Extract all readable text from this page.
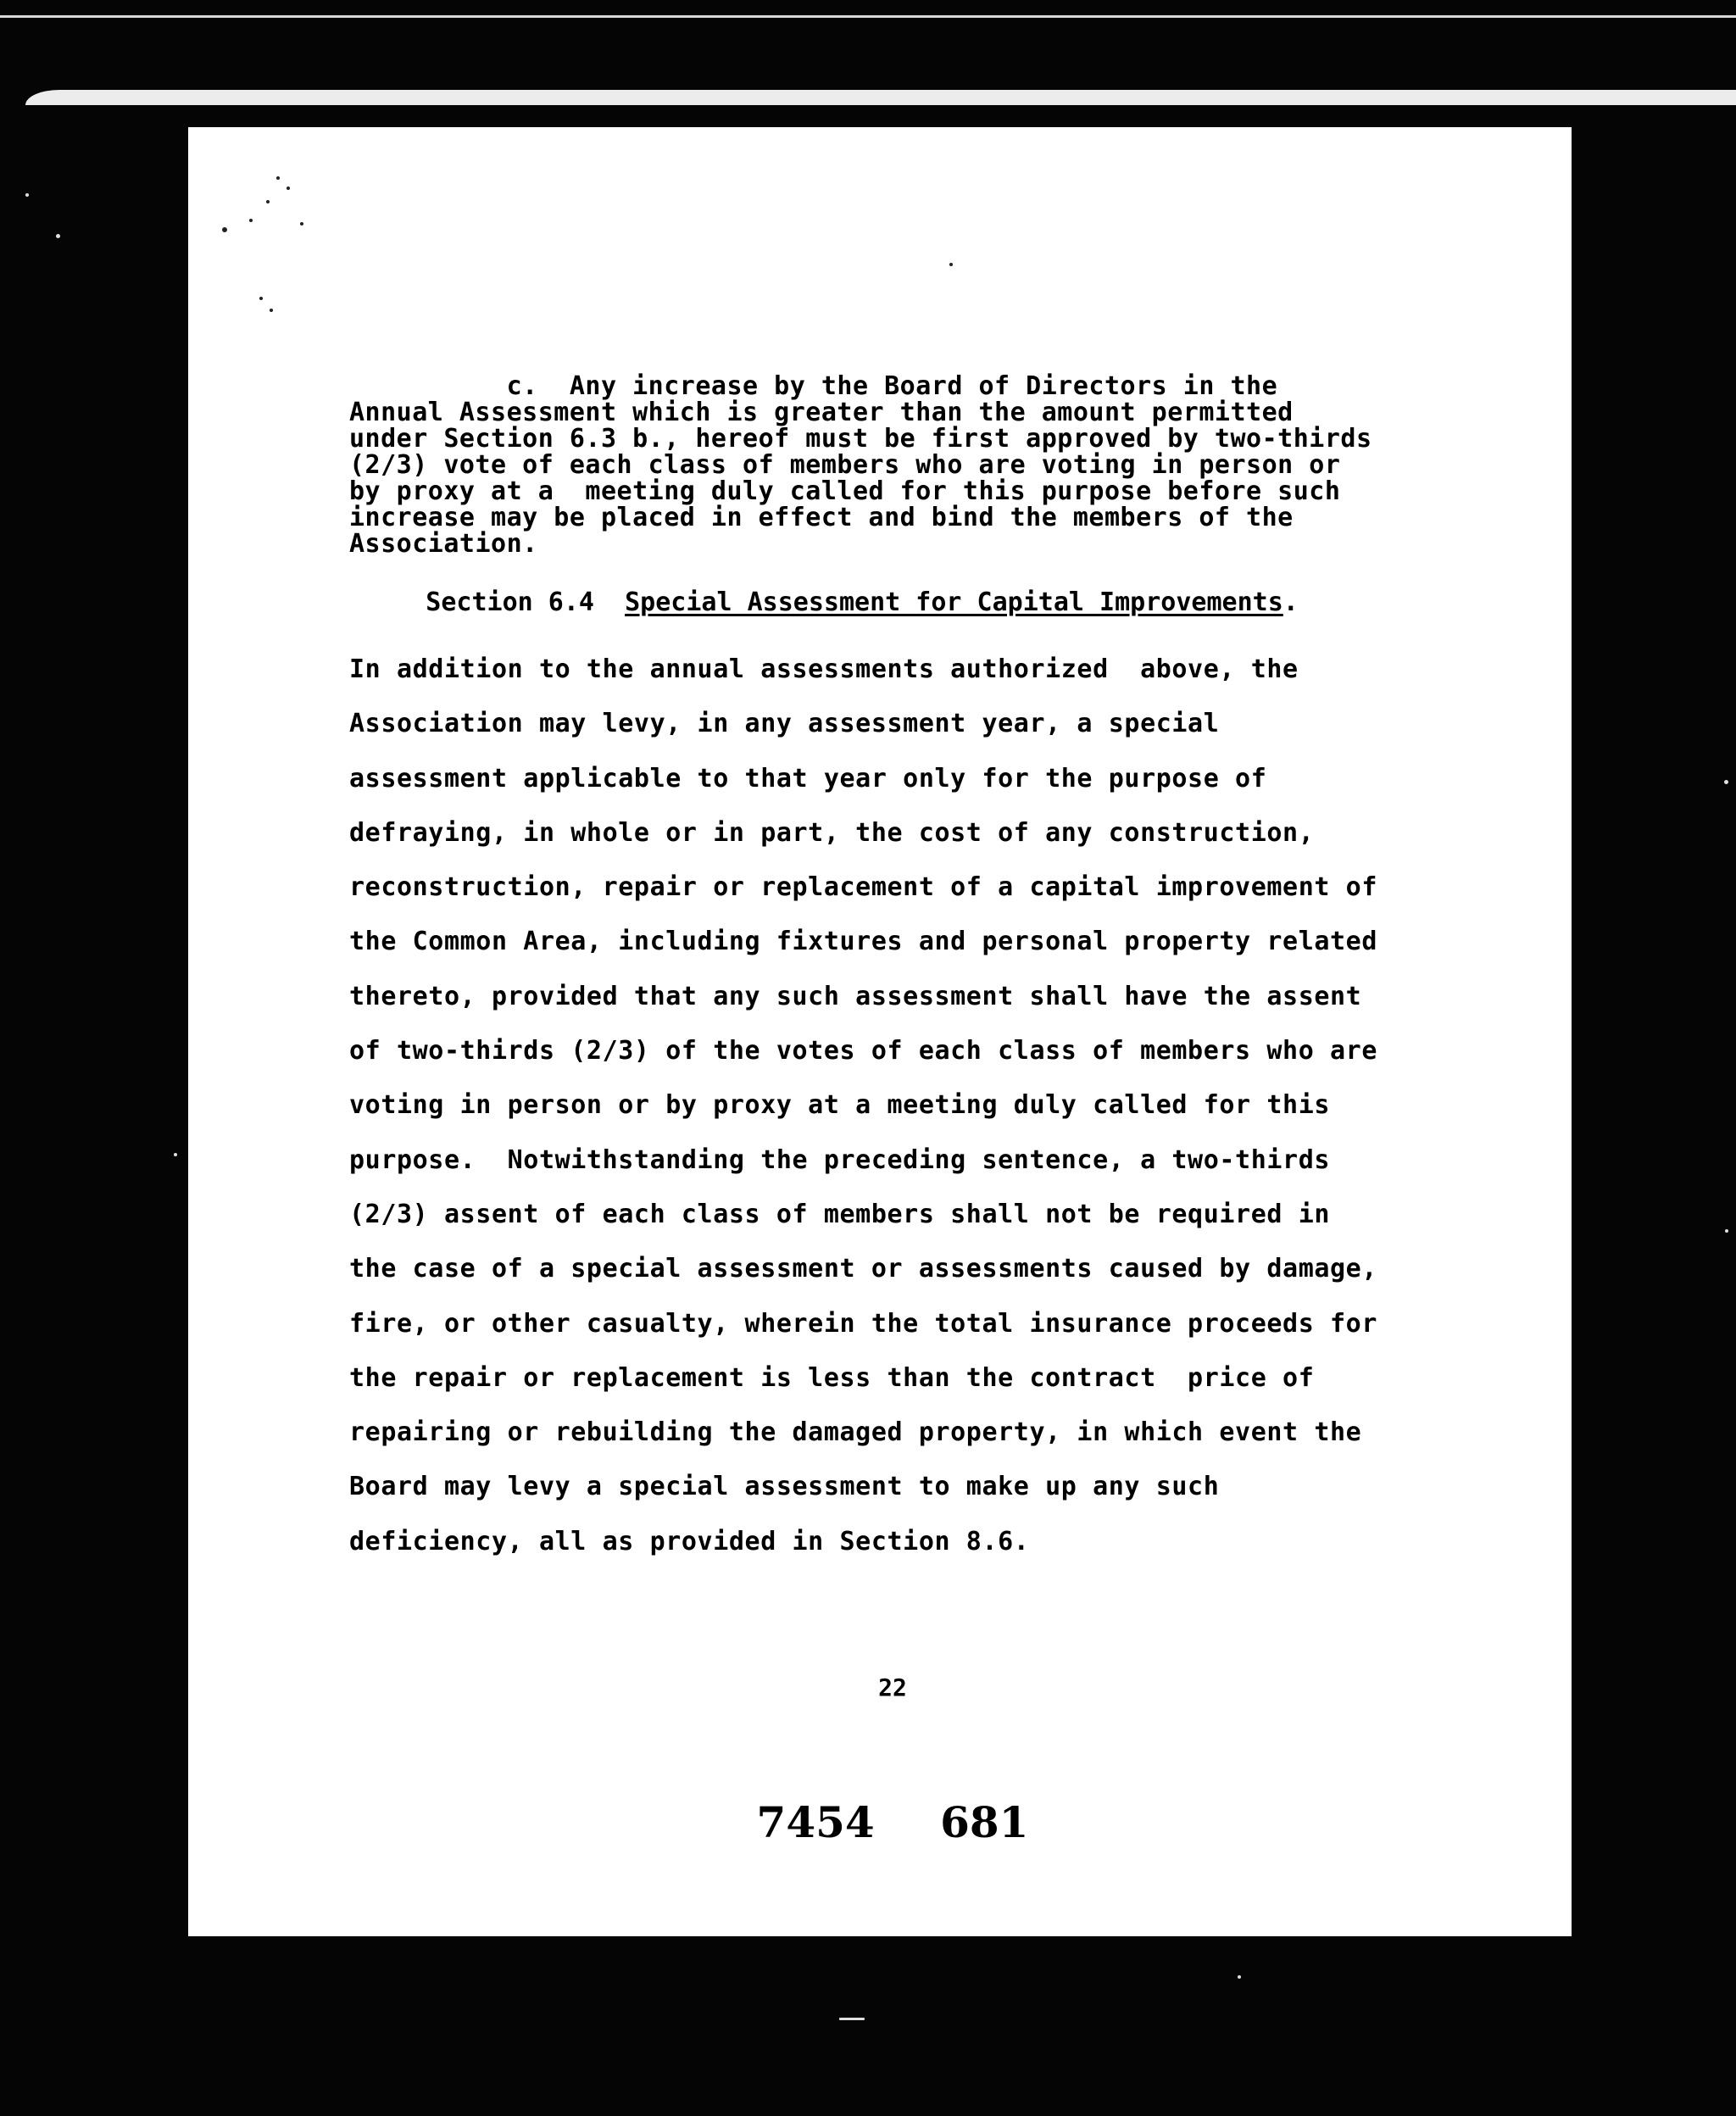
c.  Any increase by the Board of Directors in the
Annual Assessment which is greater than the amount permitted
under Section 6.3 b., hereof must be first approved by two-thirds
(2/3) vote of each class of members who are voting in person or
by proxy at a  meeting duly called for this purpose before such
increase may be placed in effect and bind the members of the
Association.
Section 6.4  Special Assessment for Capital Improvements.
In addition to the annual assessments authorized  above, the
Association may levy, in any assessment year, a special
assessment applicable to that year only for the purpose of
defraying, in whole or in part, the cost of any construction,
reconstruction, repair or replacement of a capital improvement of
the Common Area, including fixtures and personal property related
thereto, provided that any such assessment shall have the assent
of two-thirds (2/3) of the votes of each class of members who are
voting in person or by proxy at a meeting duly called for this
purpose.  Notwithstanding the preceding sentence, a two-thirds
(2/3) assent of each class of members shall not be required in
the case of a special assessment or assessments caused by damage,
fire, or other casualty, wherein the total insurance proceeds for
the repair or replacement is less than the contract  price of
repairing or rebuilding the damaged property, in which event the
Board may levy a special assessment to make up any such
deficiency, all as provided in Section 8.6.
22
7454 681
